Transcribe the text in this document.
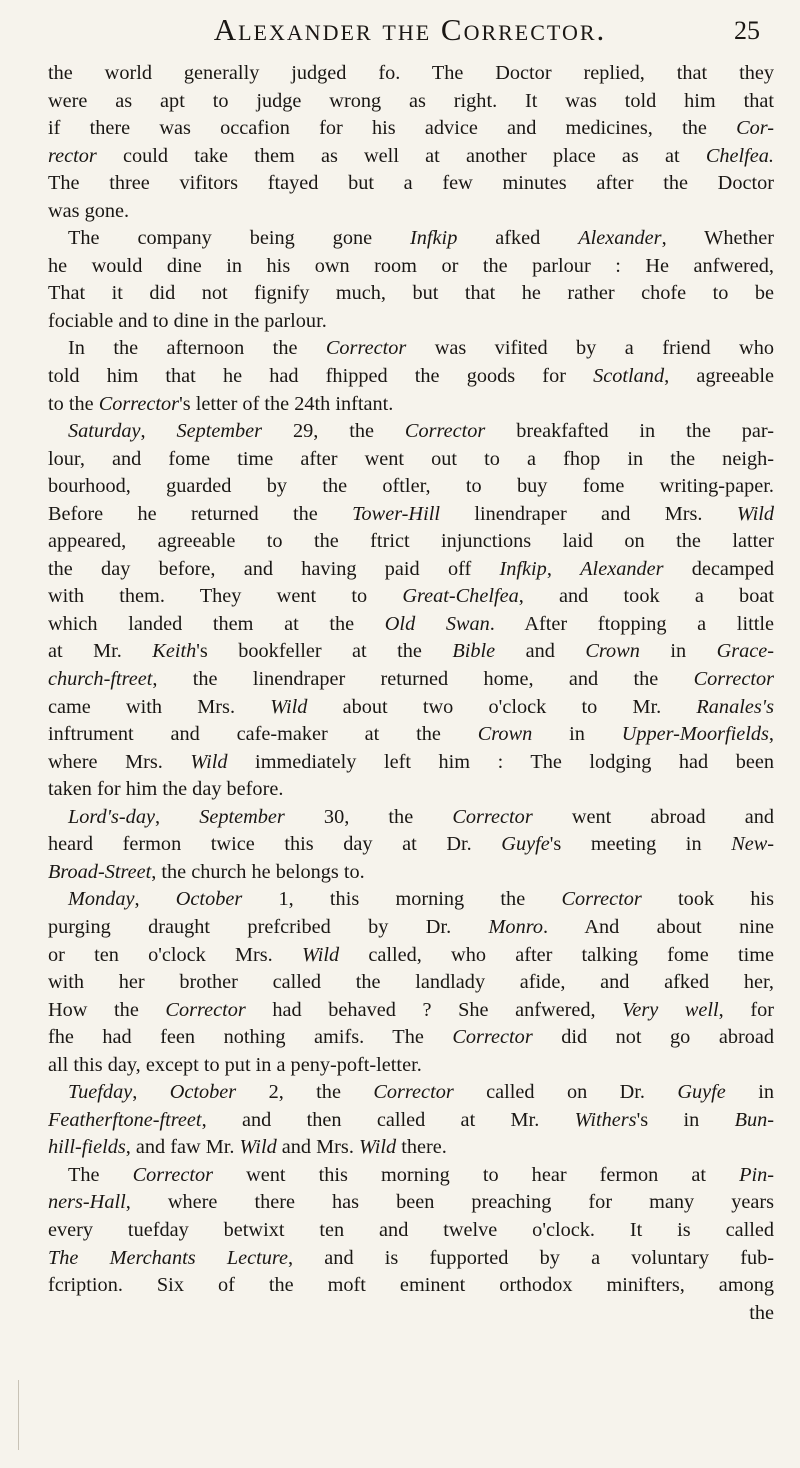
Alexander the Corrector.	25
the world generally judged fo. The Doctor replied, that they
were as apt to judge wrong as right. It was told him that
if there was occafion for his advice and medicines, the Cor-
rector could take them as well at another place as at Chelfea.
The three vifitors ftayed but a few minutes after the Doctor
was gone.
The company being gone Infkip afked Alexander, Whether
he would dine in his own room or the parlour : He anfwered,
That it did not fignify much, but that he rather chofe to be
fociable and to dine in the parlour.
In the afternoon the Corrector was vifited by a friend who
told him that he had fhipped the goods for Scotland, agreeable
to the Corrector's letter of the 24th inftant.
Saturday, September 29, the Corrector breakfafted in the par-
lour, and fome time after went out to a fhop in the neigh-
bourhood, guarded by the oftler, to buy fome writing-paper.
Before he returned the Tower-Hill linendraper and Mrs. Wild
appeared, agreeable to the ftrict injunctions laid on the latter
the day before, and having paid off Infkip, Alexander decamped
with them. They went to Great-Chelfea, and took a boat
which landed them at the Old Swan. After ftopping a little
at Mr. Keith's bookfeller at the Bible and Crown in Grace-
church-ftreet, the linendraper returned home, and the Corrector
came with Mrs. Wild about two o'clock to Mr. Ranales's
inftrument and cafe-maker at the Crown in Upper-Moorfields,
where Mrs. Wild immediately left him : The lodging had been
taken for him the day before.
Lord's-day, September 30, the Corrector went abroad and
heard fermon twice this day at Dr. Guyfe's meeting in New-
Broad-Street, the church he belongs to.
Monday, October 1, this morning the Corrector took his
purging draught prefcribed by Dr. Monro. And about nine
or ten o'clock Mrs. Wild called, who after talking fome time
with her brother called the landlady afide, and afked her,
How the Corrector had behaved ? She anfwered, Very well, for
fhe had feen nothing amifs. The Corrector did not go abroad
all this day, except to put in a peny-poft-letter.
Tuefday, October 2, the Corrector called on Dr. Guyfe in
Featherftone-ftreet, and then called at Mr. Withers's in Bun-
hill-fields, and faw Mr. Wild and Mrs. Wild there.
The Corrector went this morning to hear fermon at Pin-
ners-Hall, where there has been preaching for many years
every tuefday betwixt ten and twelve o'clock. It is called
The Merchants Lecture, and is fupported by a voluntary fub-
fcription. Six of the moft eminent orthodox minifters, among
the
